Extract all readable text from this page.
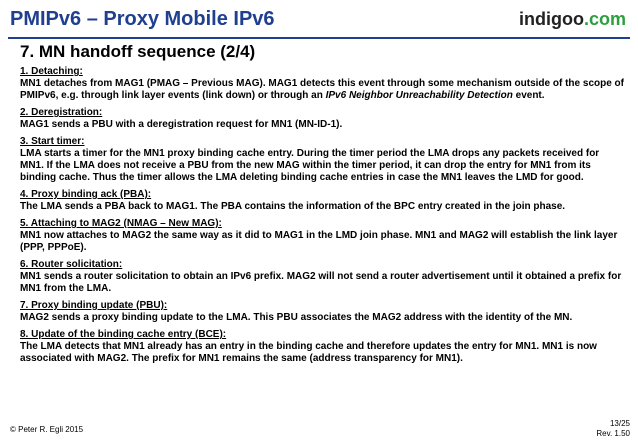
PMIPv6 – Proxy Mobile IPv6	indigoo.com
7. MN handoff sequence (2/4)
1. Detaching:
MN1 detaches from MAG1 (PMAG – Previous MAG). MAG1 detects this event through some mechanism outside of the scope of PMIPv6, e.g. through link layer events (link down) or through an IPv6 Neighbor Unreachability Detection event.
2. Deregistration:
MAG1 sends a PBU with a deregistration request for MN1 (MN-ID-1).
3. Start timer:
LMA starts a timer for the MN1 proxy binding cache entry. During the timer period the LMA drops any packets received for MN1. If the LMA does not receive a PBU from the new MAG within the timer period, it can drop the entry for MN1 from its binding cache. Thus the timer allows the LMA deleting binding cache entries in case the MN1 leaves the LMD for good.
4. Proxy binding ack (PBA):
The LMA sends a PBA back to MAG1. The PBA contains the information of the BPC entry created in the join phase.
5. Attaching to MAG2 (NMAG – New MAG):
MN1 now attaches to MAG2 the same way as it did to MAG1 in the LMD join phase. MN1 and MAG2 will establish the link layer (PPP, PPPoE).
6. Router solicitation:
MN1 sends a router solicitation to obtain an IPv6 prefix. MAG2 will not send a router advertisement until it obtained a prefix for MN1 from the LMA.
7. Proxy binding update (PBU):
MAG2 sends a proxy binding update to the LMA. This PBU associates the MAG2 address with the identity of the MN.
8. Update of the binding cache entry (BCE):
The LMA detects that MN1 already has an entry in the binding cache and therefore updates the entry for MN1. MN1 is now associated with MAG2. The prefix for MN1 remains the same (address transparency for MN1).
© Peter R. Egli 2015
13/25
Rev. 1.50
